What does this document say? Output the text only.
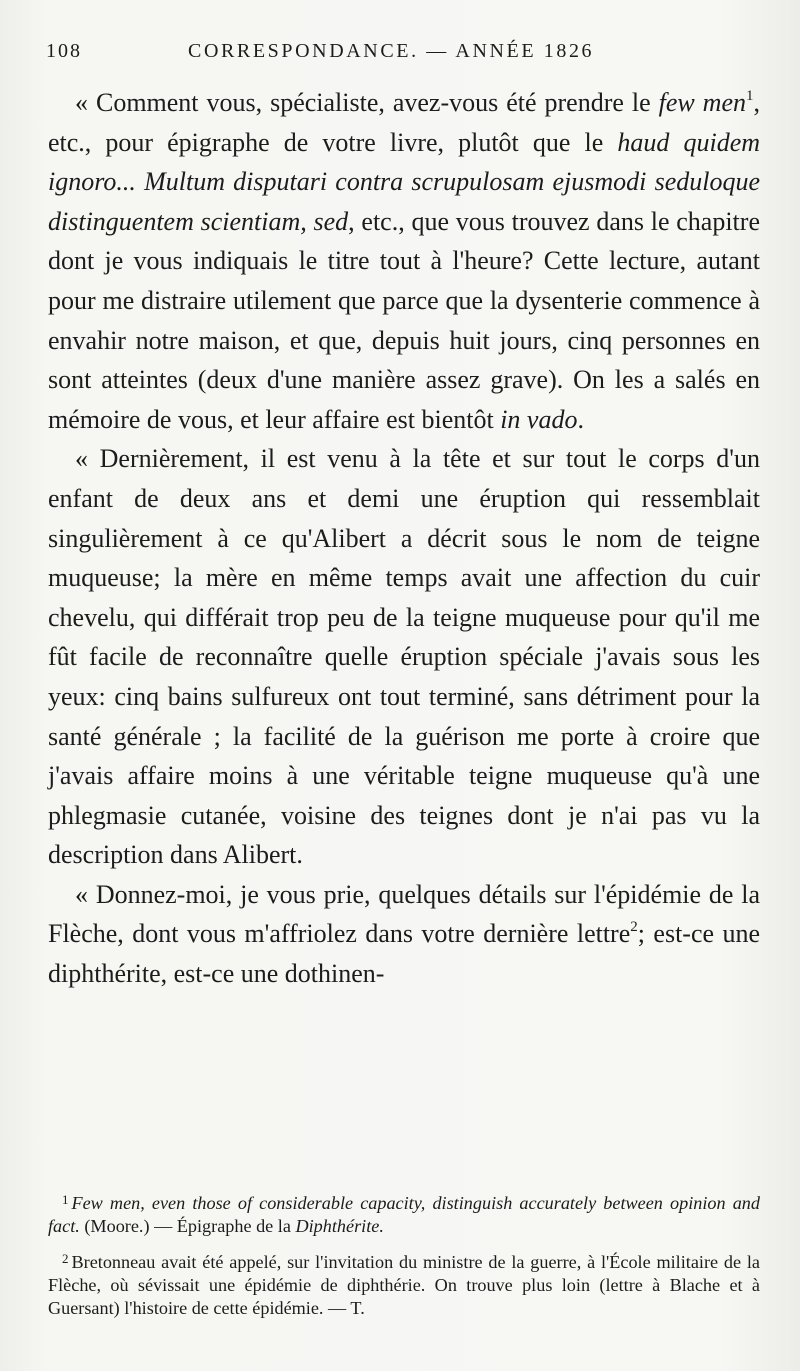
108	CORRESPONDANCE. — ANNÉE 1826

« Comment vous, spécialiste, avez-vous été prendre le few men$^1$, etc., pour épigraphe de votre livre, plutôt que le haud quidem ignoro... Multum disputari contra scrupulosam ejusmodi seduloque distinguentem scientiam, sed, etc., que vous trouvez dans le chapitre dont je vous indiquais le titre tout à l'heure? Cette lecture, autant pour me distraire utilement que parce que la dysenterie commence à envahir notre maison, et que, depuis huit jours, cinq personnes en sont atteintes (deux d'une manière assez grave). On les a salés en mémoire de vous, et leur affaire est bientôt in vado.

« Dernièrement, il est venu à la tête et sur tout le corps d'un enfant de deux ans et demi une éruption qui ressemblait singulièrement à ce qu'Alibert a décrit sous le nom de teigne muqueuse; la mère en même temps avait une affection du cuir chevelu, qui différait trop peu de la teigne muqueuse pour qu'il me fût facile de reconnaître quelle éruption spéciale j'avais sous les yeux: cinq bains sulfureux ont tout terminé, sans détriment pour la santé générale ; la facilité de la guérison me porte à croire que j'avais affaire moins à une véritable teigne muqueuse qu'à une phlegmasie cutanée, voisine des teignes dont je n'ai pas vu la description dans Alibert.

« Donnez-moi, je vous prie, quelques détails sur l'épidémie de la Flèche, dont vous m'affriolez dans votre dernière lettre$^2$; est-ce une diphthérite, est-ce une dothinen-

$^1$ Few men, even those of considerable capacity, distinguish accurately between opinion and fact. (Moore.) — Épigraphe de la Diphthérite.

$^2$ Bretonneau avait été appelé, sur l'invitation du ministre de la guerre, à l'École militaire de la Flèche, où sévissait une épidémie de diphthérie. On trouve plus loin (lettre à Blache et à Guersant) l'histoire de cette épidémie. — T.
